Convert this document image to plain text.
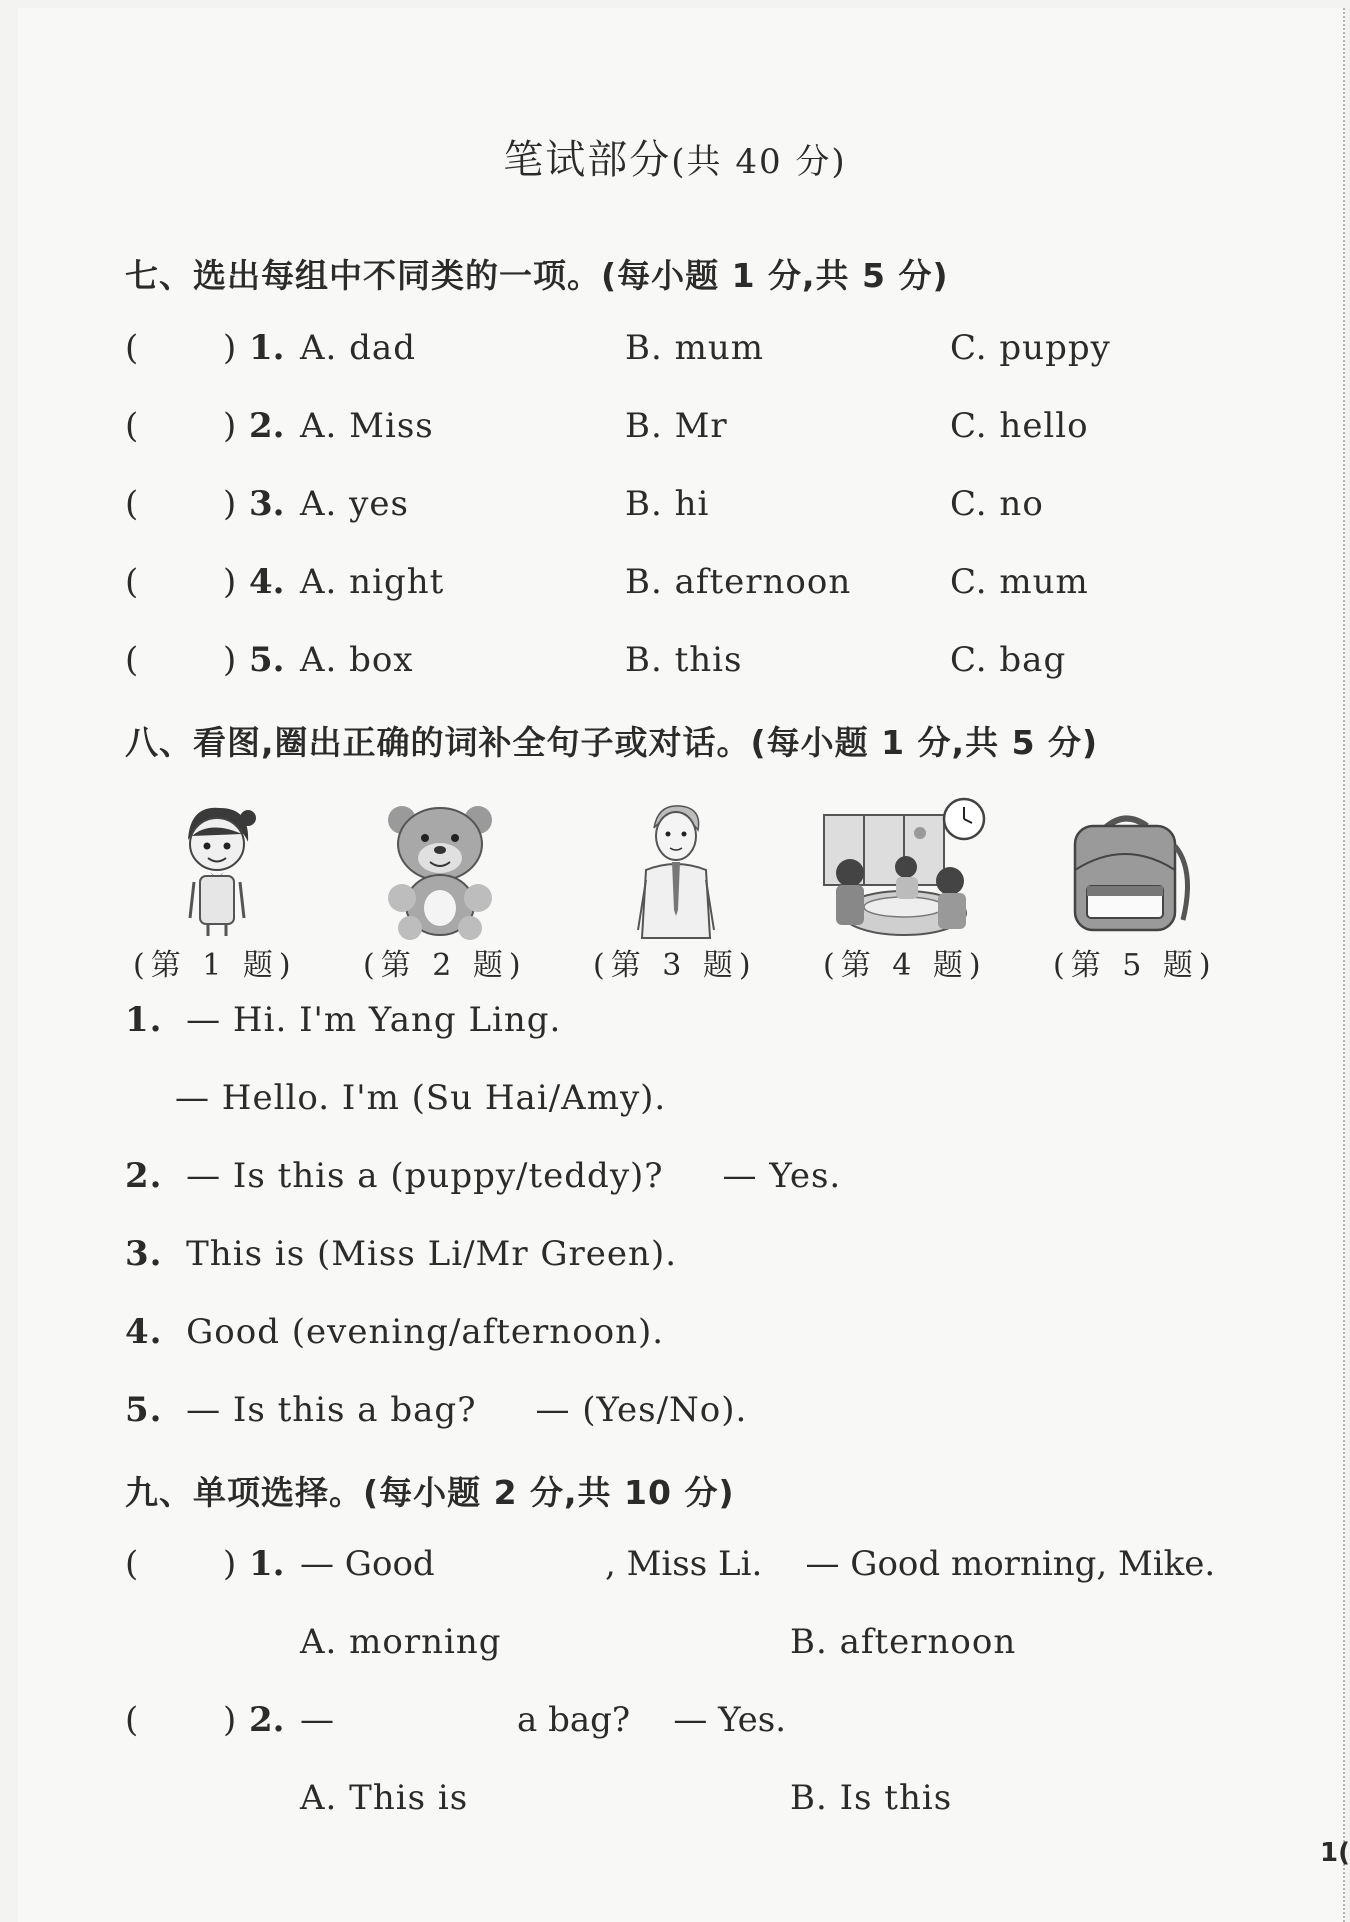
笔试部分(共 40 分)
七、选出每组中不同类的一项。(每小题 1 分,共 5 分)
( ) 1. A. dad	B. mum	C. puppy
( ) 2. A. Miss	B. Mr	C. hello
( ) 3. A. yes	B. hi	C. no
( ) 4. A. night	B. afternoon	C. mum
( ) 5. A. box	B. this	C. bag
八、看图,圈出正确的词补全句子或对话。(每小题 1 分,共 5 分)
(第 1 题) (第 2 题) (第 3 题) (第 4 题) (第 5 题)
1. — Hi. I'm Yang Ling.
— Hello. I'm (Su Hai/Amy).
2. — Is this a (puppy/teddy)?     — Yes.
3. This is (Miss Li/Mr Green).
4. Good (evening/afternoon).
5. — Is this a bag?     — (Yes/No).
九、单项选择。(每小题 2 分,共 10 分)
( ) 1. — Good	, Miss Li.    — Good morning, Mike.
A. morning	B. afternoon
( ) 2. —	a bag?    — Yes.
A. This is	B. Is this
1(
